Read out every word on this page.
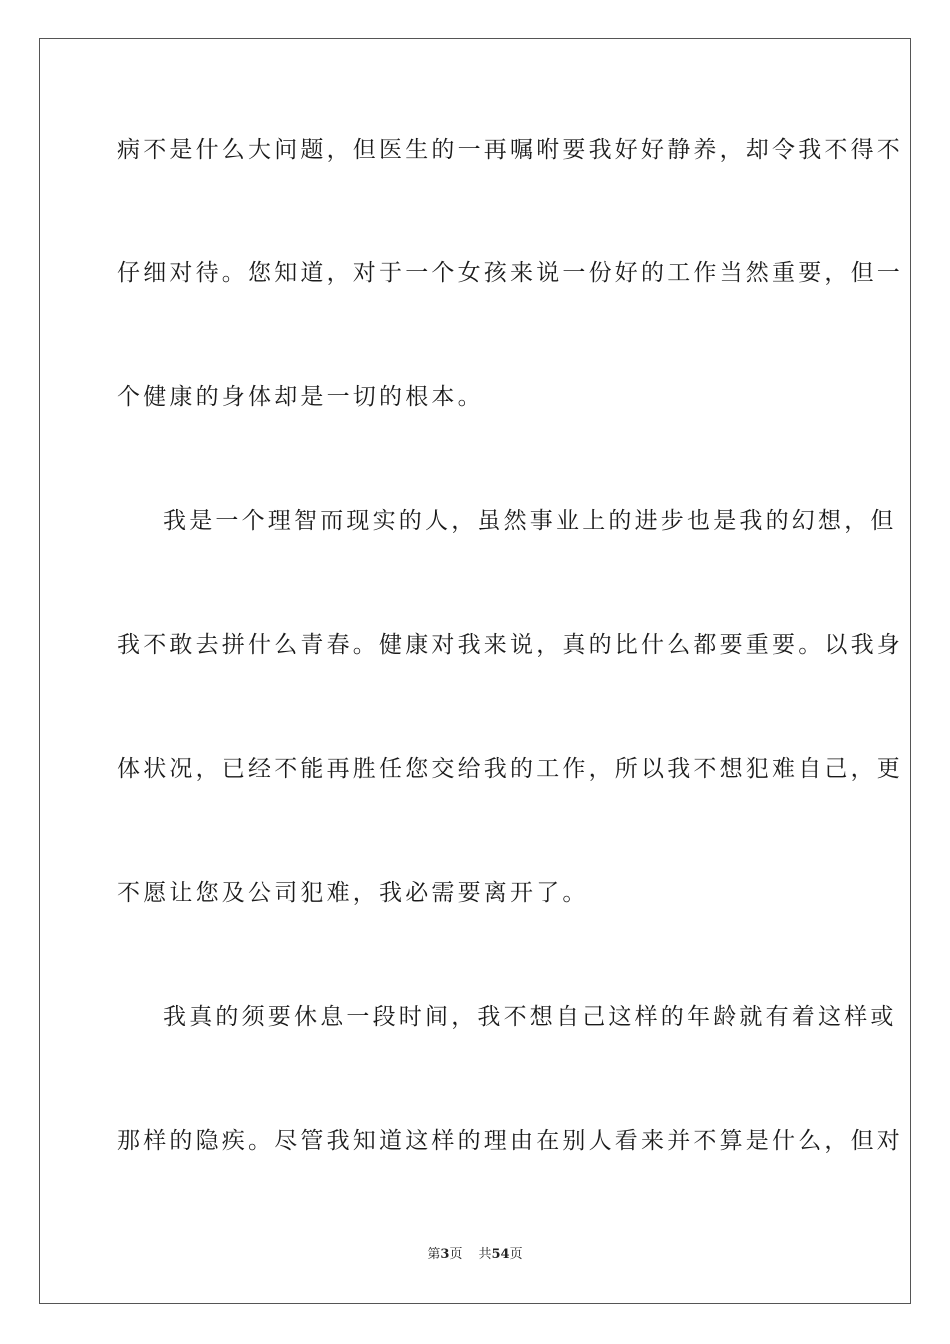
病不是什么大问题，但医生的一再嘱咐要我好好静养，却令我不得不
仔细对待。您知道，对于一个女孩来说一份好的工作当然重要，但一
个健康的身体却是一切的根本。
我是一个理智而现实的人，虽然事业上的进步也是我的幻想，但
我不敢去拼什么青春。健康对我来说，真的比什么都要重要。以我身
体状况，已经不能再胜任您交给我的工作，所以我不想犯难自己，更
不愿让您及公司犯难，我必需要离开了。
我真的须要休息一段时间，我不想自己这样的年龄就有着这样或
那样的隐疾。尽管我知道这样的理由在别人看来并不算是什么，但对
第3页 共54页
